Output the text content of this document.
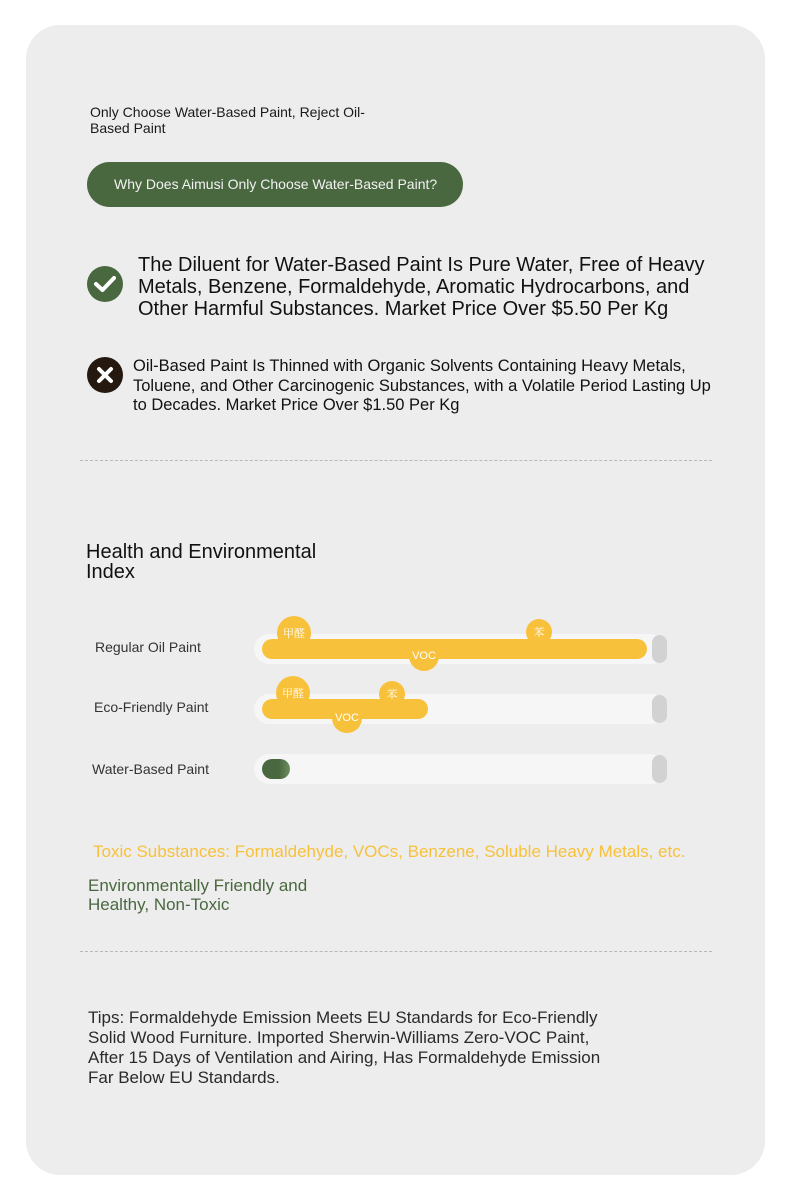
Only Choose Water-Based Paint, Reject Oil-Based Paint
Why Does Aimusi Only Choose Water-Based Paint?
The Diluent for Water-Based Paint Is Pure Water, Free of Heavy Metals, Benzene, Formaldehyde, Aromatic Hydrocarbons, and Other Harmful Substances. Market Price Over $5.50 Per Kg
Oil-Based Paint Is Thinned with Organic Solvents Containing Heavy Metals, Toluene, and Other Carcinogenic Substances, with a Volatile Period Lasting Up to Decades. Market Price Over $1.50 Per Kg
Health and Environmental Index
Regular Oil Paint
甲醛
VOC
苯
Eco-Friendly Paint
甲醛
VOC
苯
Water-Based Paint
Toxic Substances: Formaldehyde, VOCs, Benzene, Soluble Heavy Metals, etc.
Environmentally Friendly and Healthy, Non-Toxic
Tips: Formaldehyde Emission Meets EU Standards for Eco-Friendly Solid Wood Furniture. Imported Sherwin-Williams Zero-VOC Paint, After 15 Days of Ventilation and Airing, Has Formaldehyde Emission Far Below EU Standards.
